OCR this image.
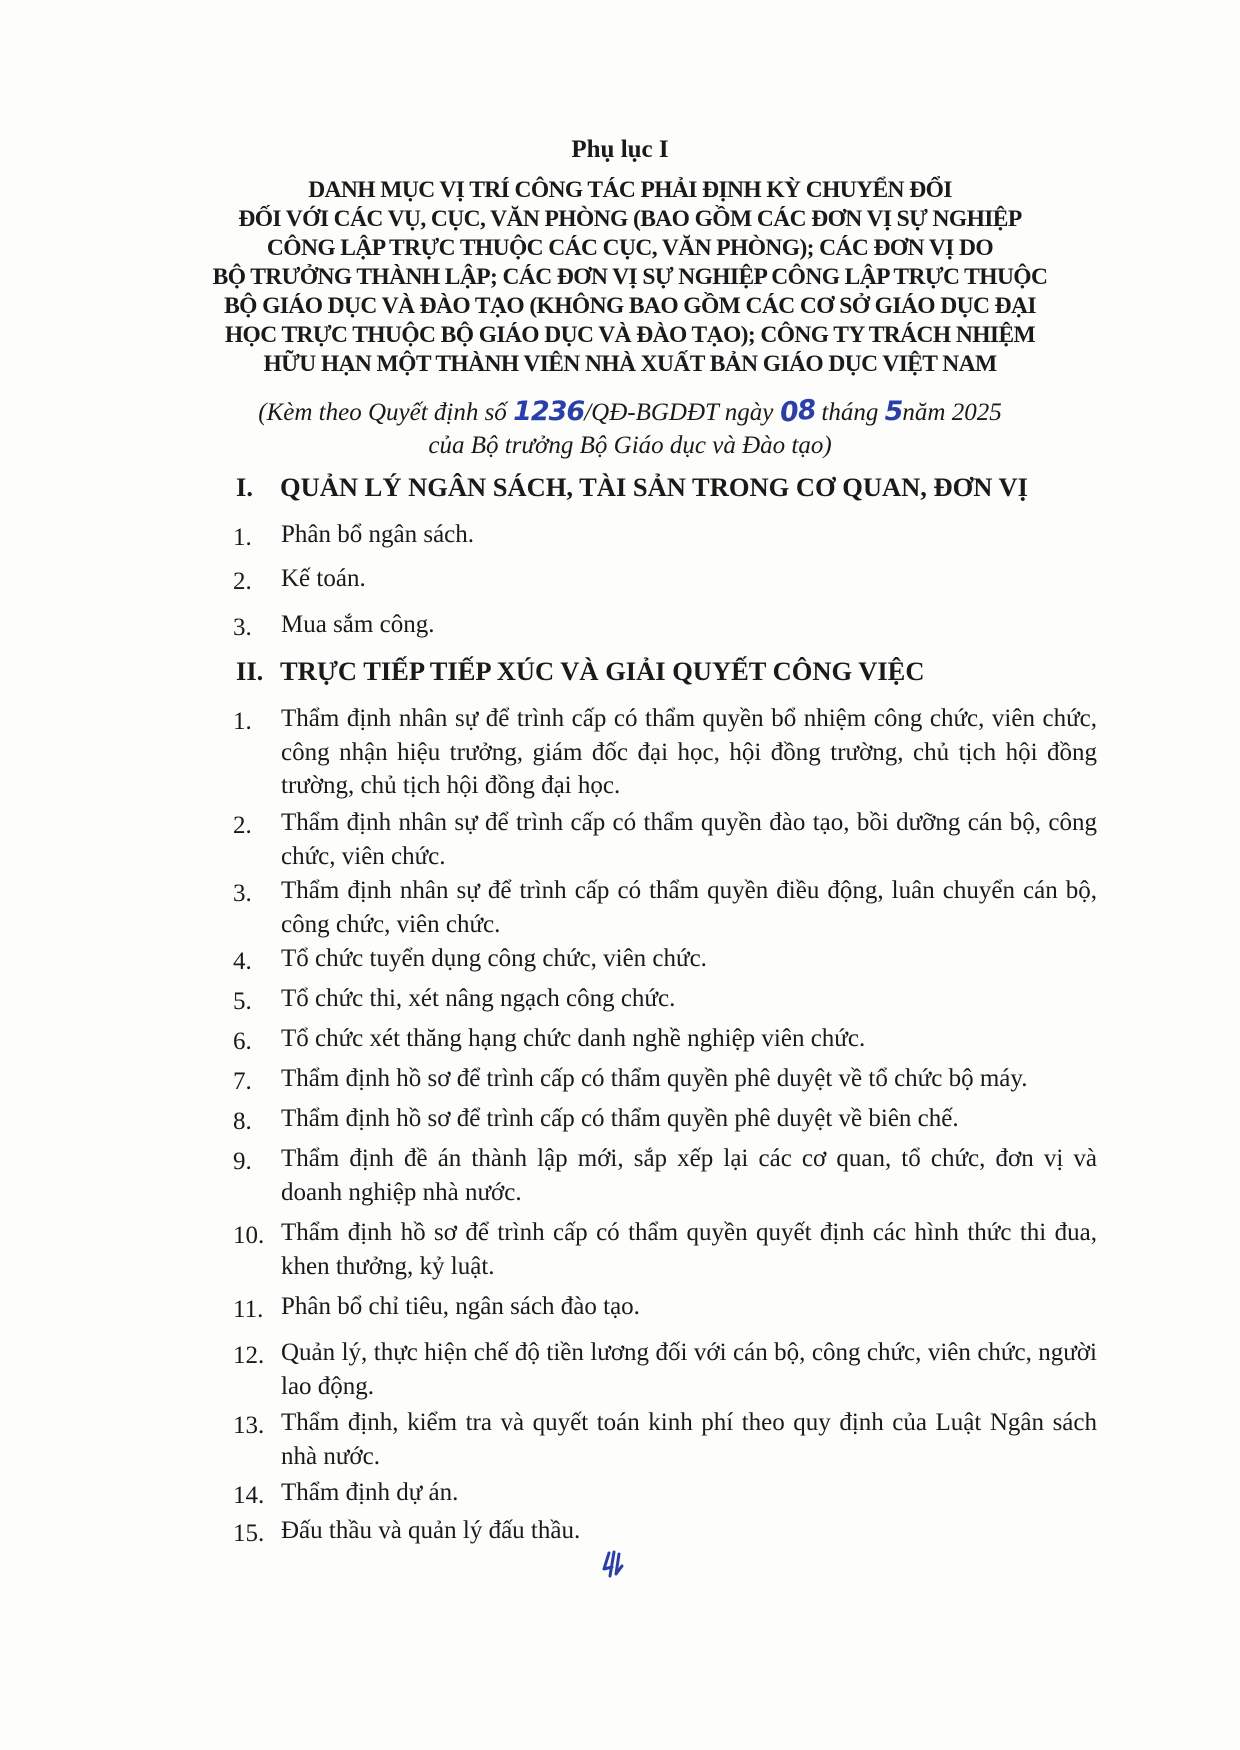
Phụ lục I
DANH MỤC VỊ TRÍ CÔNG TÁC PHẢI ĐỊNH KỲ CHUYỂN ĐỔI
ĐỐI VỚI CÁC VỤ, CỤC, VĂN PHÒNG (BAO GỒM CÁC ĐƠN VỊ SỰ NGHIỆP
CÔNG LẬP TRỰC THUỘC CÁC CỤC, VĂN PHÒNG); CÁC ĐƠN VỊ DO
BỘ TRƯỞNG THÀNH LẬP; CÁC ĐƠN VỊ SỰ NGHIỆP CÔNG LẬP TRỰC THUỘC
BỘ GIÁO DỤC VÀ ĐÀO TẠO (KHÔNG BAO GỒM CÁC CƠ SỞ GIÁO DỤC ĐẠI
HỌC TRỰC THUỘC BỘ GIÁO DỤC VÀ ĐÀO TẠO); CÔNG TY TRÁCH NHIỆM
HỮU HẠN MỘT THÀNH VIÊN NHÀ XUẤT BẢN GIÁO DỤC VIỆT NAM
(Kèm theo Quyết định số 1236/QĐ-BGDĐT ngày 08 tháng 5năm 2025
của Bộ trưởng Bộ Giáo dục và Đào tạo)
I. QUẢN LÝ NGÂN SÁCH, TÀI SẢN TRONG CƠ QUAN, ĐƠN VỊ
1. Phân bổ ngân sách.
2. Kế toán.
3. Mua sắm công.
II. TRỰC TIẾP TIẾP XÚC VÀ GIẢI QUYẾT CÔNG VIỆC
1. Thẩm định nhân sự để trình cấp có thẩm quyền bổ nhiệm công chức, viên chức, công nhận hiệu trưởng, giám đốc đại học, hội đồng trường, chủ tịch hội đồng trường, chủ tịch hội đồng đại học.
2. Thẩm định nhân sự để trình cấp có thẩm quyền đào tạo, bồi dưỡng cán bộ, công chức, viên chức.
3. Thẩm định nhân sự để trình cấp có thẩm quyền điều động, luân chuyển cán bộ, công chức, viên chức.
4. Tổ chức tuyển dụng công chức, viên chức.
5. Tổ chức thi, xét nâng ngạch công chức.
6. Tổ chức xét thăng hạng chức danh nghề nghiệp viên chức.
7. Thẩm định hồ sơ để trình cấp có thẩm quyền phê duyệt về tổ chức bộ máy.
8. Thẩm định hồ sơ để trình cấp có thẩm quyền phê duyệt về biên chế.
9. Thẩm định đề án thành lập mới, sắp xếp lại các cơ quan, tổ chức, đơn vị và doanh nghiệp nhà nước.
10. Thẩm định hồ sơ để trình cấp có thẩm quyền quyết định các hình thức thi đua, khen thưởng, kỷ luật.
11. Phân bổ chỉ tiêu, ngân sách đào tạo.
12. Quản lý, thực hiện chế độ tiền lương đối với cán bộ, công chức, viên chức, người lao động.
13. Thẩm định, kiểm tra và quyết toán kinh phí theo quy định của Luật Ngân sách nhà nước.
14. Thẩm định dự án.
15. Đấu thầu và quản lý đấu thầu.
